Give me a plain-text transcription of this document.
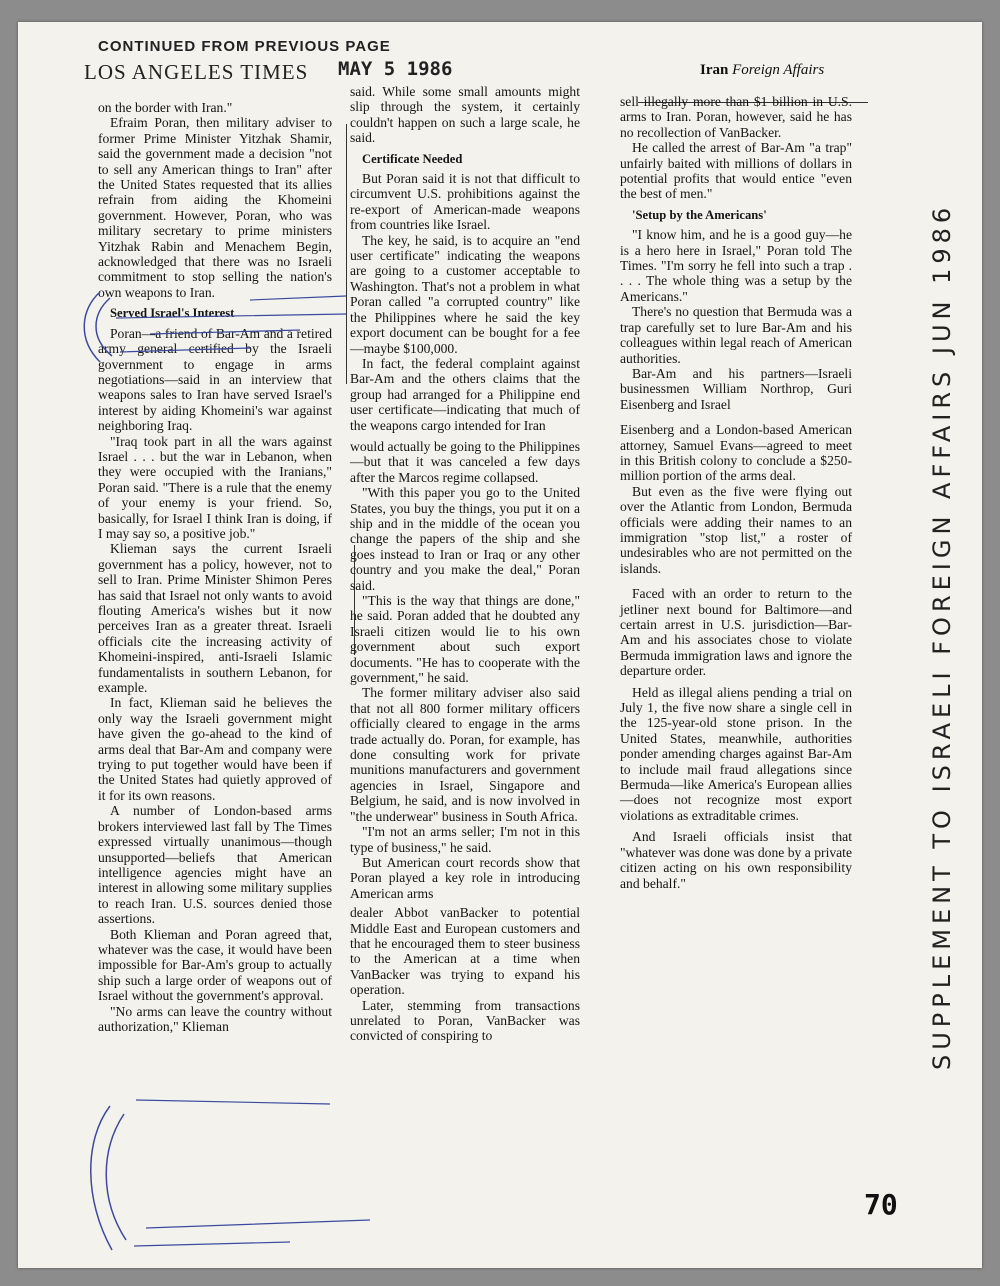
CONTINUED FROM PREVIOUS PAGE
LOS ANGELES TIMES MAY 5 1986	Iran Foreign Affairs

on the border with Iran."

Efraim Poran, then military adviser to former Prime Minister Yitzhak Shamir, said the government made a decision "not to sell any American things to Iran" after the United States requested that its allies refrain from aiding the Khomeini government. However, Poran, who was military secretary to prime ministers Yitzhak Rabin and Menachem Begin, acknowledged that there was no Israeli commitment to stop selling the nation's own weapons to Iran.

Served Israel's Interest

Poran—a friend of Bar-Am and a retired army general certified by the Israeli government to engage in arms negotiations—said in an interview that weapons sales to Iran have served Israel's interest by aiding Khomeini's war against neighboring Iraq.

"Iraq took part in all the wars against Israel . . . but the war in Lebanon, when they were occupied with the Iranians," Poran said. "There is a rule that the enemy of your enemy is your friend. So, basically, for Israel I think Iran is doing, if I may say so, a positive job."

Klieman says the current Israeli government has a policy, however, not to sell to Iran. Prime Minister Shimon Peres has said that Israel not only wants to avoid flouting America's wishes but it now perceives Iran as a greater threat. Israeli officials cite the increasing activity of Khomeini-inspired, anti-Israeli Islamic fundamentalists in southern Lebanon, for example.

In fact, Klieman said he believes the only way the Israeli government might have given the go-ahead to the kind of arms deal that Bar-Am and company were trying to put together would have been if the United States had quietly approved of it for its own reasons.

A number of London-based arms brokers interviewed last fall by The Times expressed virtually unanimous—though unsupported—beliefs that American intelligence agencies might have an interest in allowing some military supplies to reach Iran. U.S. sources denied those assertions.

Both Klieman and Poran agreed that, whatever was the case, it would have been impossible for Bar-Am's group to actually ship such a large order of weapons out of Israel without the government's approval.

"No arms can leave the country without authorization," Klieman

said. While some small amounts might slip through the system, it certainly couldn't happen on such a large scale, he said.

Certificate Needed

But Poran said it is not that difficult to circumvent U.S. prohibitions against the re-export of American-made weapons from countries like Israel.

The key, he said, is to acquire an "end user certificate" indicating the weapons are going to a customer acceptable to Washington. That's not a problem in what Poran called "a corrupted country" like the Philippines where he said the key export document can be bought for a fee—maybe $100,000.

In fact, the federal complaint against Bar-Am and the others claims that the group had arranged for a Philippine end user certificate—indicating that much of the weapons cargo intended for Iran

would actually be going to the Philippines—but that it was canceled a few days after the Marcos regime collapsed.

"With this paper you go to the United States, you buy the things, you put it on a ship and in the middle of the ocean you change the papers of the ship and she goes instead to Iran or Iraq or any other country and you make the deal," Poran said.

"This is the way that things are done," he said. Poran added that he doubted any Israeli citizen would lie to his own government about such export documents. "He has to cooperate with the government," he said.

The former military adviser also said that not all 800 former military officers officially cleared to engage in the arms trade actually do. Poran, for example, has done consulting work for private munitions manufacturers and government agencies in Israel, Singapore and Belgium, he said, and is now involved in "the underwear" business in South Africa.

"I'm not an arms seller; I'm not in this type of business," he said.

But American court records show that Poran played a key role in introducing American arms

dealer Abbot vanBacker to potential Middle East and European customers and that he encouraged them to steer business to the American at a time when VanBacker was trying to expand his operation.

Later, stemming from transactions unrelated to Poran, VanBacker was convicted of conspiring to

sell illegally more than $1 billion in U.S. arms to Iran. Poran, however, said he has no recollection of VanBacker.

He called the arrest of Bar-Am "a trap" unfairly baited with millions of dollars in potential profits that would entice "even the best of men."

'Setup by the Americans'

"I know him, and he is a good guy—he is a hero here in Israel," Poran told The Times. "I'm sorry he fell into such a trap . . . . The whole thing was a setup by the Americans."

There's no question that Bermuda was a trap carefully set to lure Bar-Am and his colleagues within legal reach of American authorities.

Bar-Am and his partners—Israeli businessmen William Northrop, Guri Eisenberg and Israel

Eisenberg and a London-based American attorney, Samuel Evans—agreed to meet in this British colony to conclude a $250-million portion of the arms deal.

But even as the five were flying out over the Atlantic from London, Bermuda officials were adding their names to an immigration "stop list," a roster of undesirables who are not permitted on the islands.

Faced with an order to return to the jetliner next bound for Baltimore—and certain arrest in U.S. jurisdiction—Bar-Am and his associates chose to violate Bermuda immigration laws and ignore the departure order.

Held as illegal aliens pending a trial on July 1, the five now share a single cell in the 125-year-old stone prison. In the United States, meanwhile, authorities ponder amending charges against Bar-Am to include mail fraud allegations since Bermuda—like America's European allies—does not recognize most export violations as extraditable crimes.

And Israeli officials insist that "whatever was done was done by a private citizen acting on his own responsibility and behalf."	SUPPLEMENT TO ISRAELI FOREIGN AFFAIRS JUN 1986
70
